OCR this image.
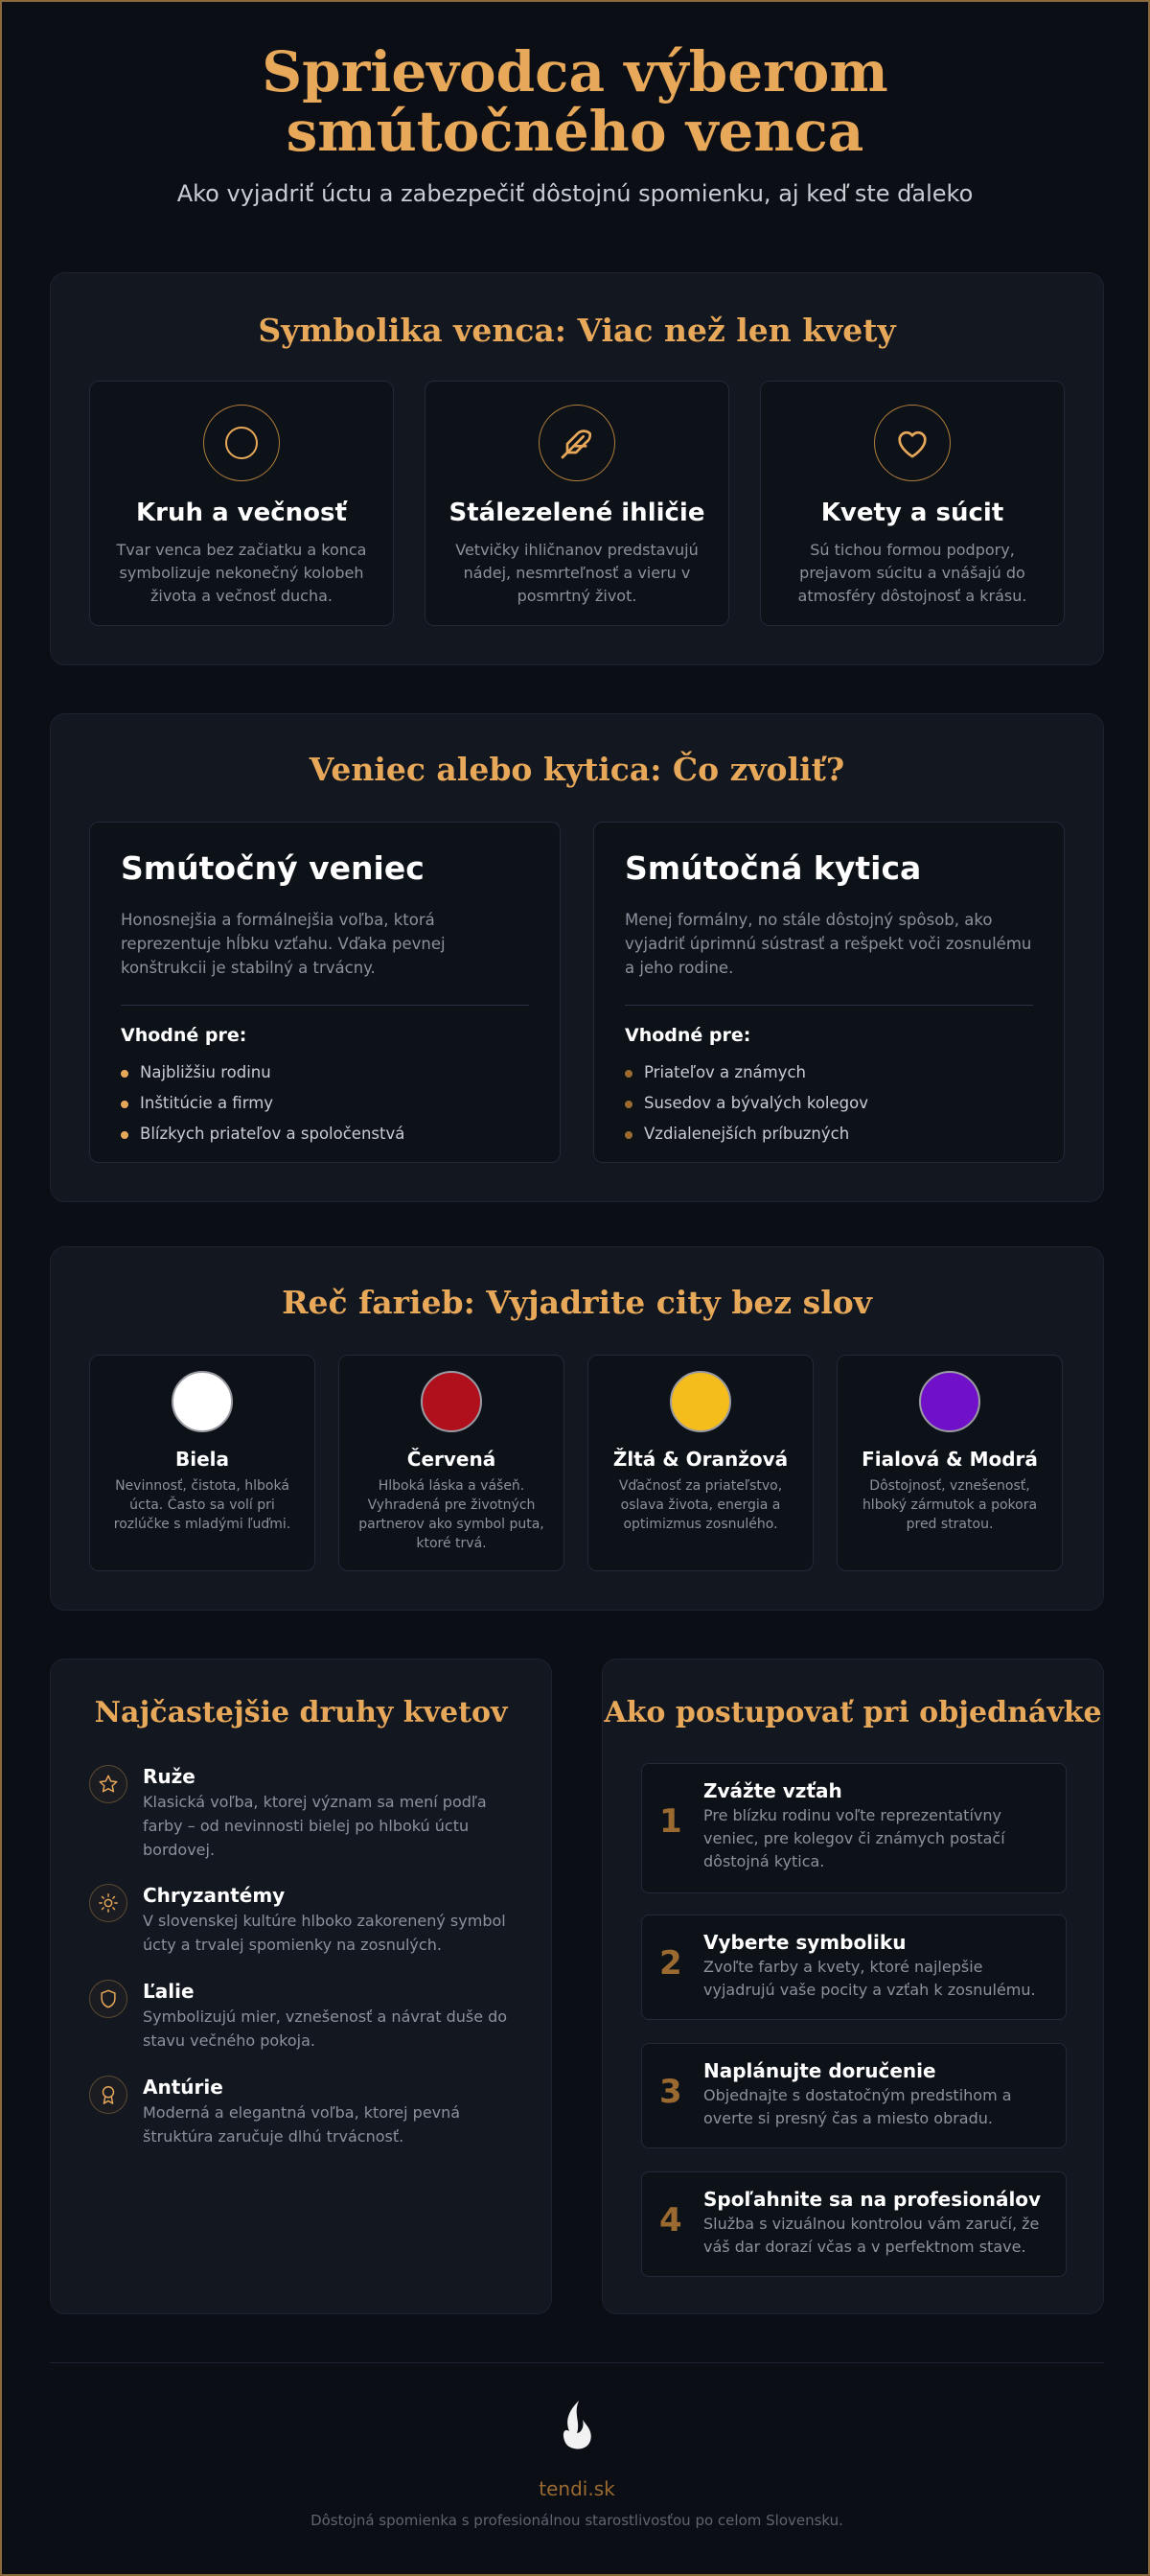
Sprievodca výberom smútočného venca

Ako vyjadriť úctu a zabezpečiť dôstojnú spomienku, aj keď ste ďaleko

Symbolika venca: Viac než len kvety
Kruh a večnosť
Tvar venca bez začiatku a konca symbolizuje nekonečný kolobeh života a večnosť ducha.
Stálezelené ihličie
Vetvičky ihličnanov predstavujú nádej, nesmrteľnosť a vieru v posmrtný život.
Kvety a súcit
Sú tichou formou podpory, prejavom súcitu a vnášajú do atmosféry dôstojnosť a krásu.
Veniec alebo kytica: Čo zvoliť?
Smútočný veniec
Honosnejšia a formálnejšia voľba, ktorá reprezentuje hĺbku vzťahu. Vďaka pevnej konštrukcii je stabilný a trvácny.
Vhodné pre:
Najbližšiu rodinu
Inštitúcie a firmy
Blízkych priateľov a spoločenstvá
Smútočná kytica
Menej formálny, no stále dôstojný spôsob, ako vyjadriť úprimnú sústrasť a rešpekt voči zosnulému a jeho rodine.
Vhodné pre:
Priateľov a známych
Susedov a bývalých kolegov
Vzdialenejších príbuzných
Reč farieb: Vyjadrite city bez slov
Biela
Nevinnosť, čistota, hlboká úcta. Často sa volí pri rozlúčke s mladými ľuďmi.
Červená
Hlboká láska a vášeň. Vyhradená pre životných partnerov ako symbol puta, ktoré trvá.
Žltá & Oranžová
Vďačnosť za priateľstvo, oslava života, energia a optimizmus zosnulého.
Fialová & Modrá
Dôstojnosť, vznešenosť, hlboký zármutok a pokora pred stratou.
Najčastejšie druhy kvetov
Ruže
Klasická voľba, ktorej význam sa mení podľa farby – od nevinnosti bielej po hlbokú úctu bordovej.
Chryzantémy
V slovenskej kultúre hlboko zakorenený symbol úcty a trvalej spomienky na zosnulých.
Ľalie
Symbolizujú mier, vznešenosť a návrat duše do stavu večného pokoja.
Antúrie
Moderná a elegantná voľba, ktorej pevná štruktúra zaručuje dlhú trvácnosť.
Ako postupovať pri objednávke
1
Zvážte vzťah
Pre blízku rodinu voľte reprezentatívny veniec, pre kolegov či známych postačí dôstojná kytica.
2
Vyberte symboliku
Zvoľte farby a kvety, ktoré najlepšie vyjadrujú vaše pocity a vzťah k zosnulému.
3
Naplánujte doručenie
Objednajte s dostatočným predstihom a overte si presný čas a miesto obradu.
4
Spoľahnite sa na profesionálov
Služba s vizuálnou kontrolou vám zaručí, že váš dar dorazí včas a v perfektnom stave.
tendi.sk
Dôstojná spomienka s profesionálnou starostlivosťou po celom Slovensku.
